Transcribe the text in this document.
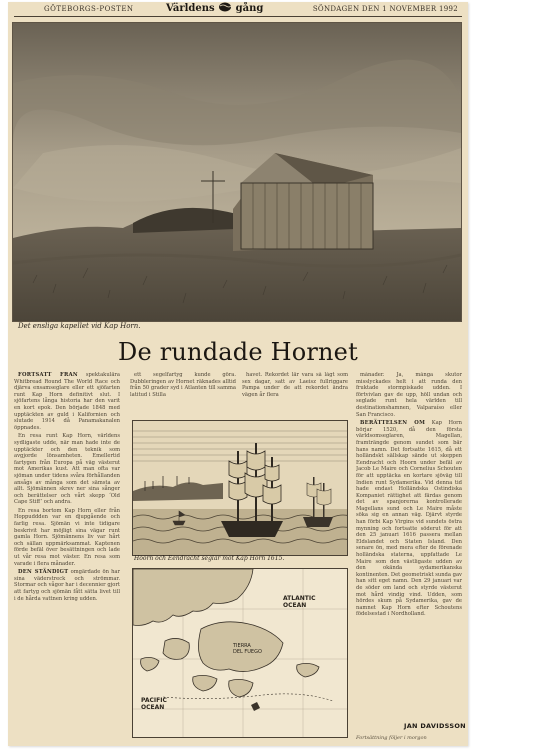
GÖTEBORGS-POSTEN	Världens gång	SÖNDAGEN DEN 1 NOVEMBER 1992
Det ensliga kapellet vid Kap Horn.
De rundade Hornet

FORTSATT FRÅN spektakulära Whitbread Round The World Race och djärva ensamseglare eller ett sjöfarten runt Kap Horn definitivt slut. I sjöfartens långa historia har den varit en kort epok. Den började 1848 med upptäckten av guld i Kalifornien och slutade 1914 då Panamakanalen öppnades.

En resa runt Kap Horn, världens sydligaste udde, när man hade inte de upptäckter och den teknik som avgjorde lönsamheten. Emellertid fartygen från Europa på väg västerut mot Amerikas kust. Att man ofta var sjöman under tidens svåra förhållanden ansågs av många som det sämsta av allt. Sjömännen skrev ner sina sånger och berättelser och vårt skepp ‘Old Cape Stiff’ och andra.

En resa bortom Kap Horn eller från Hoppuddden var en djupgående och farlig resa. Sjömän vi inte tidigare beskrivit har möjligt sina vägar runt gamla Horn. Sjömännens liv var hårt och sällan uppmärksammat. Kaptenen förde befäl över besättningen och lade ut vår resa mot väster. En resa som varade i flera månader.

DEN STÄNDIGT omgärdade ön har sina väderstreck och strömmar. Stormar och vågor har i decennier gjort att fartyg och sjömän fått sätta livet till i de hårda vattnen kring udden.

ett segelfartyg kunde göra. Dubbleringen av Hornet räknades alltid från 50 grader syd i Atlanten till samma latitud i Stilla

havet. Rekordet lär vara så lågt som sex dagar, satt av Laeisz fullriggare Pampa under de att rekordet ändra vägen år flera

månader. Ja, många skutor misslyckades helt i att runda den fruktade stormpiskade udden. I förtvivlan gav de upp, höll undan och seglade runt hela världen till destinationshamnen, Valparaíso eller San Francisco.

BERÄTTELSEN OM Kap Horn börjar 1520, då den första världsomseglaren, Magellan, framträngde genom sundet som bär hans namn. Det fortsatte 1615, då ett holländskt sällskap sände ut skeppen Eendracht och Hoorn under befäl av Jacob Le Maire och Cornelius Schouten för att upptäcka en kortare sjöväg till Indien runt Sydamerika. Vid denna tid hade endast Holländska Ostindiska Kompaniet rättighet att färdas genom det av spanjorerna kontrollerade Magellans sund och Le Maire måste söka sig en annan väg. Djärvt styrde han förbi Kap Virgins vid sundets östra mynning och fortsatte söderut för att den 25 januari 1616 passera mellan Eldslandet och Staten Island. Den senare ön, med mera efter de förenade holländska staterna, uppfattade Le Maire som den västligaste udden av den okända sydamerikanska kontinenten. Det geometriskt sunda gav han sitt eget namn. Den 29 januari var de söder om land och styrde västerut mot hård vindig vind. Udden, som hördes skum på Sydamerika, gav de namnet Kap Horn efter Schoutens födelsestad i Nordholland.

Hoorn och Eendracht seglar mot Kap Horn 1615.
ATLANTIC
OCEAN
TIERRA
DEL FUEGO
PACIFIC
OCEAN
JAN DAVIDSSON
Fortsättning följer i morgon
